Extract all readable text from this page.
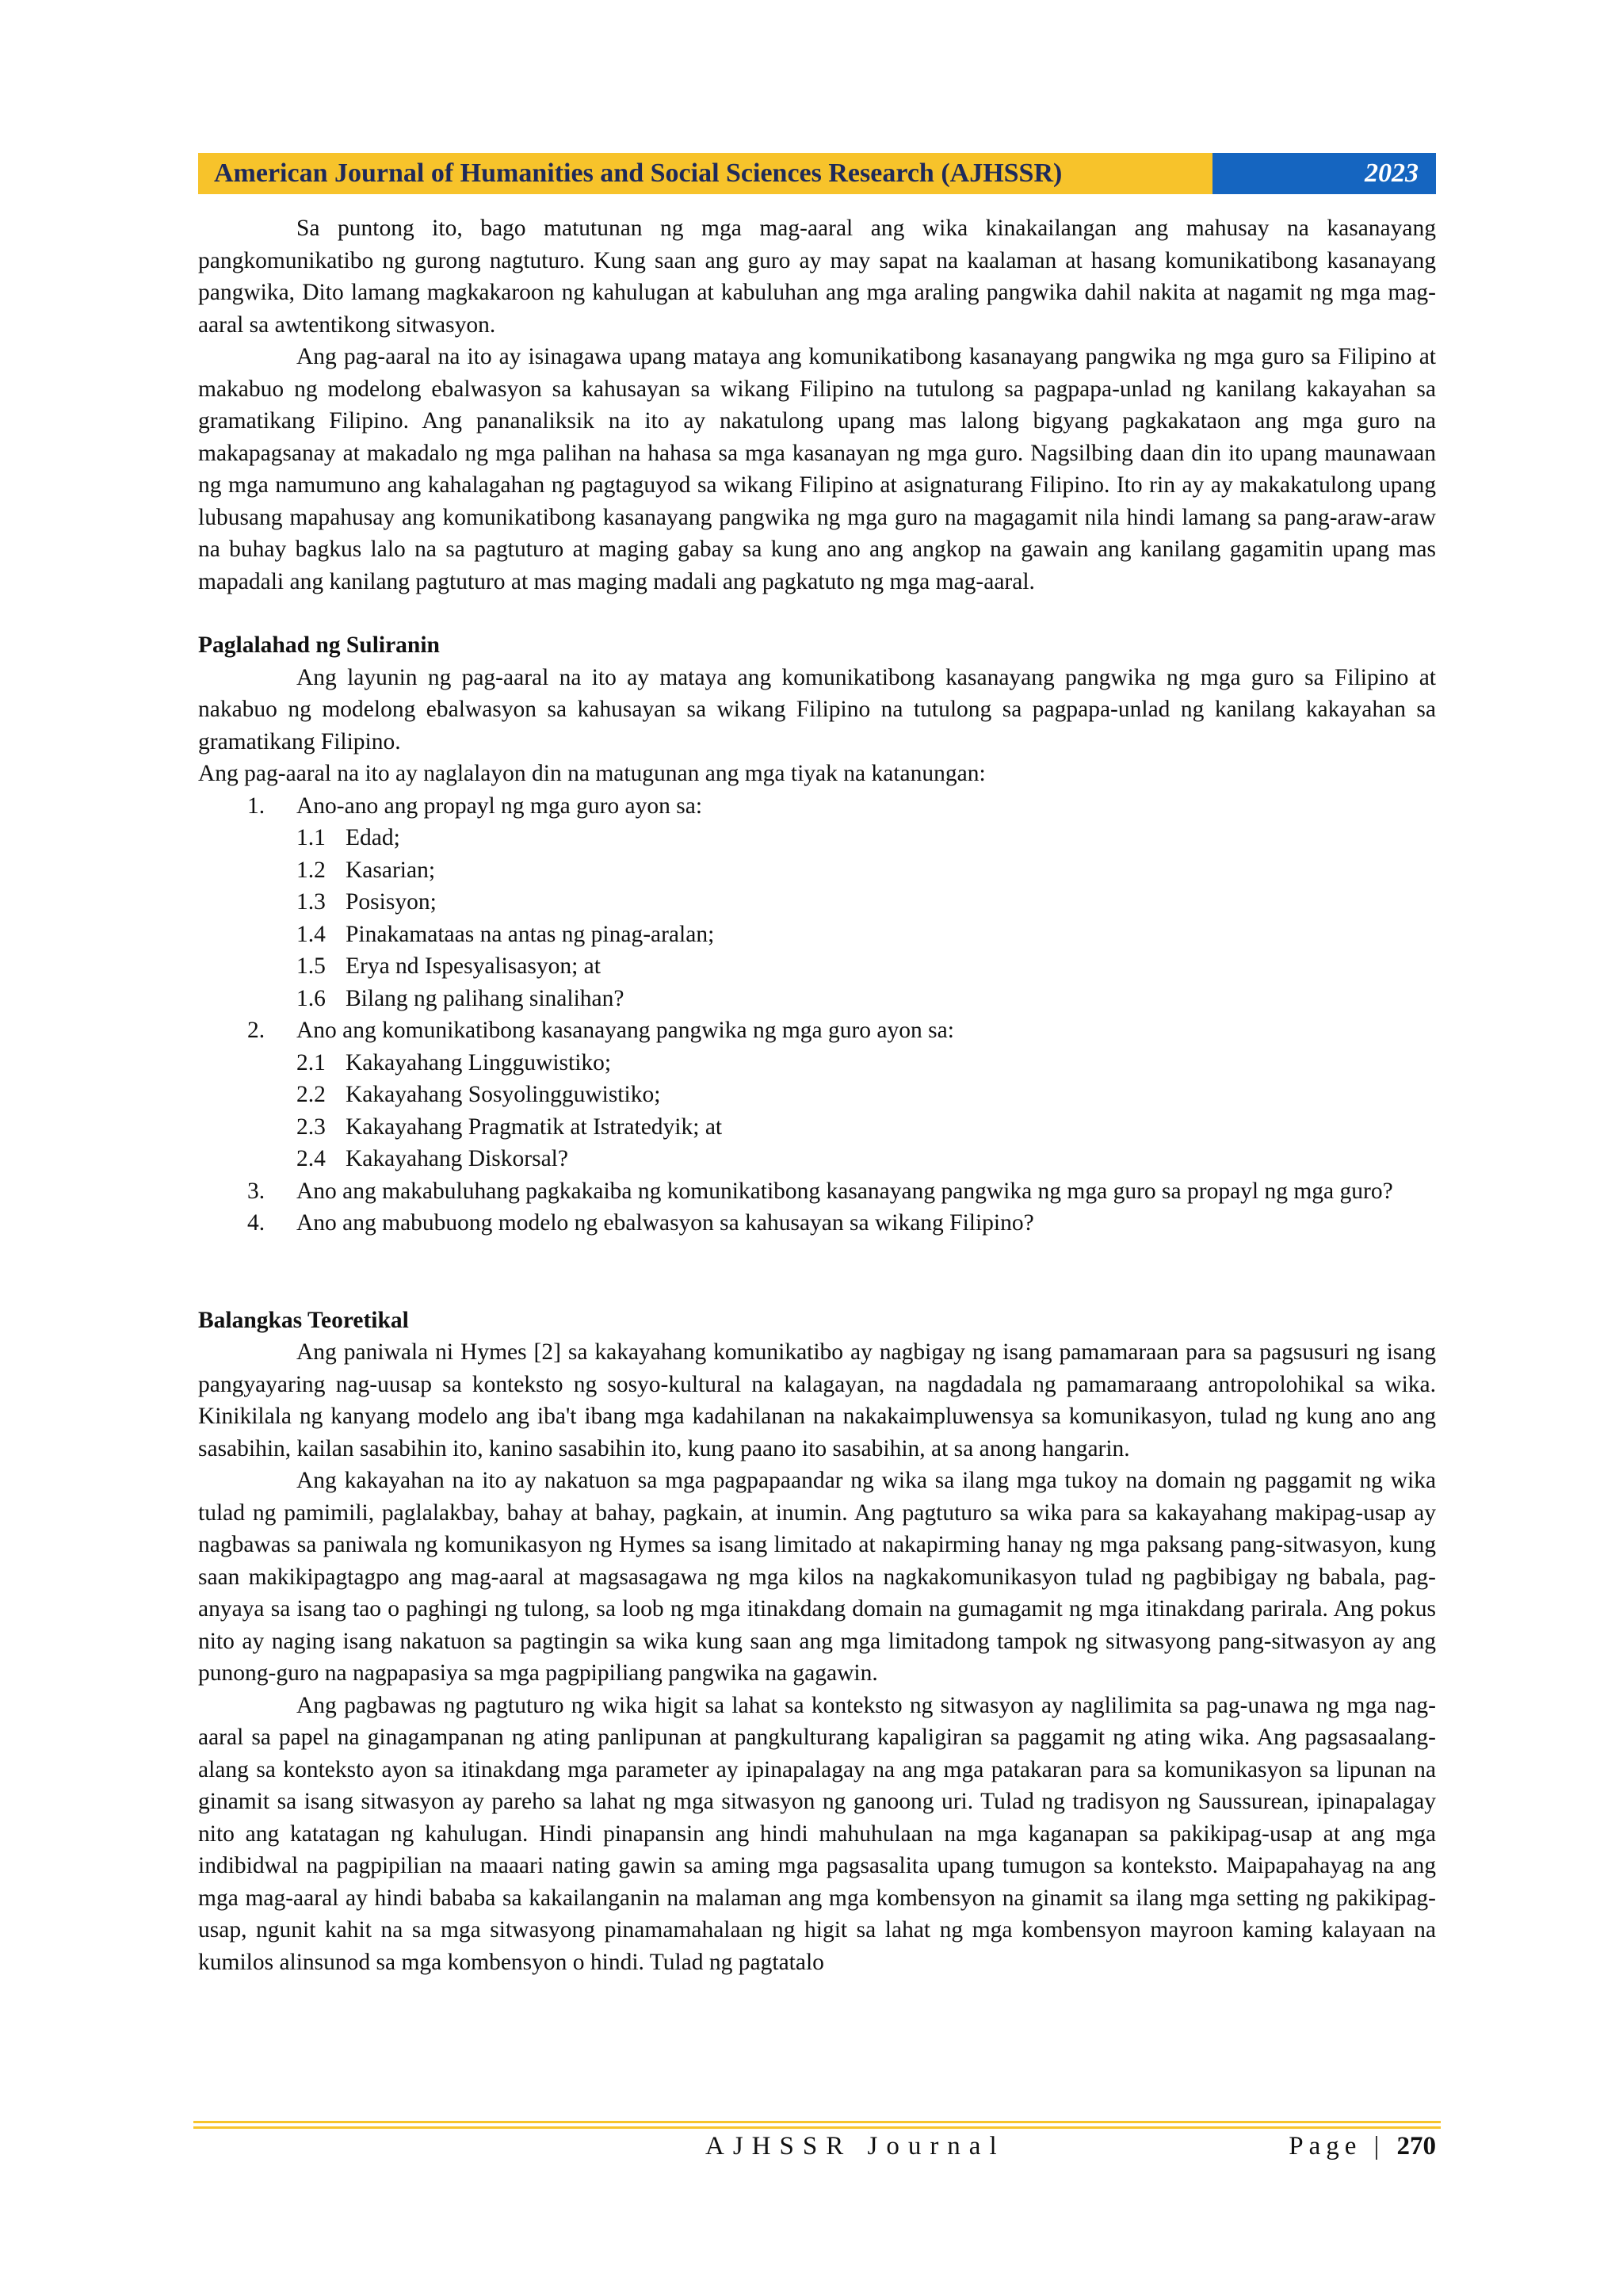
American Journal of Humanities and Social Sciences Research (AJHSSR)	2023

Sa puntong ito, bago matutunan ng mga mag-aaral ang wika kinakailangan ang mahusay na kasanayang pangkomunikatibo ng gurong nagtuturo. Kung saan ang guro ay may sapat na kaalaman at hasang komunikatibong kasanayang pangwika, Dito lamang magkakaroon ng kahulugan at kabuluhan ang mga araling pangwika dahil nakita at nagamit ng mga mag-aaral sa awtentikong sitwasyon.

Ang pag-aaral na ito ay isinagawa upang mataya ang komunikatibong kasanayang pangwika ng mga guro sa Filipino at makabuo ng modelong ebalwasyon sa kahusayan sa wikang Filipino na tutulong sa pagpapa-unlad ng kanilang kakayahan sa gramatikang Filipino. Ang pananaliksik na ito ay nakatulong upang mas lalong bigyang pagkakataon ang mga guro na makapagsanay at makadalo ng mga palihan na hahasa sa mga kasanayan ng mga guro. Nagsilbing daan din ito upang maunawaan ng mga namumuno ang kahalagahan ng pagtaguyod sa wikang Filipino at asignaturang Filipino. Ito rin ay ay makakatulong upang lubusang mapahusay ang komunikatibong kasanayang pangwika ng mga guro na magagamit nila hindi lamang sa pang-araw-araw na buhay bagkus lalo na sa pagtuturo at maging gabay sa kung ano ang angkop na gawain ang kanilang gagamitin upang mas mapadali ang kanilang pagtuturo at mas maging madali ang pagkatuto ng mga mag-aaral.

Paglalahad ng Suliranin

Ang layunin ng pag-aaral na ito ay mataya ang komunikatibong kasanayang pangwika ng mga guro sa Filipino at nakabuo ng modelong ebalwasyon sa kahusayan sa wikang Filipino na tutulong sa pagpapa-unlad ng kanilang kakayahan sa gramatikang Filipino.

Ang pag-aaral na ito ay naglalayon din na matugunan ang mga tiyak na katanungan:

1. Ano-ano ang propayl ng mga guro ayon sa:
1.1 Edad;
1.2 Kasarian;
1.3 Posisyon;
1.4 Pinakamataas na antas ng pinag-aralan;
1.5 Erya nd Ispesyalisasyon; at
1.6 Bilang ng palihang sinalihan?
2. Ano ang komunikatibong kasanayang pangwika ng mga guro ayon sa:
2.1 Kakayahang Lingguwistiko;
2.2 Kakayahang Sosyolingguwistiko;
2.3 Kakayahang Pragmatik at Istratedyik; at
2.4 Kakayahang Diskorsal?
3. Ano ang makabuluhang pagkakaiba ng komunikatibong kasanayang pangwika ng mga guro sa propayl ng mga guro?
4. Ano ang mabubuong modelo ng ebalwasyon sa kahusayan sa wikang Filipino?

Balangkas Teoretikal

Ang paniwala ni Hymes [2] sa kakayahang komunikatibo ay nagbigay ng isang pamamaraan para sa pagsusuri ng isang pangyayaring nag-uusap sa konteksto ng sosyo-kultural na kalagayan, na nagdadala ng pamamaraang antropolohikal sa wika. Kinikilala ng kanyang modelo ang iba't ibang mga kadahilanan na nakakaimpluwensya sa komunikasyon, tulad ng kung ano ang sasabihin, kailan sasabihin ito, kanino sasabihin ito, kung paano ito sasabihin, at sa anong hangarin.

Ang kakayahan na ito ay nakatuon sa mga pagpapaandar ng wika sa ilang mga tukoy na domain ng paggamit ng wika tulad ng pamimili, paglalakbay, bahay at bahay, pagkain, at inumin. Ang pagtuturo sa wika para sa kakayahang makipag-usap ay nagbawas sa paniwala ng komunikasyon ng Hymes sa isang limitado at nakapirming hanay ng mga paksang pang-sitwasyon, kung saan makikipagtagpo ang mag-aaral at magsasagawa ng mga kilos na nagkakomunikasyon tulad ng pagbibigay ng babala, pag-anyaya sa isang tao o paghingi ng tulong, sa loob ng mga itinakdang domain na gumagamit ng mga itinakdang parirala. Ang pokus nito ay naging isang nakatuon sa pagtingin sa wika kung saan ang mga limitadong tampok ng sitwasyong pang-sitwasyon ay ang punong-guro na nagpapasiya sa mga pagpipiliang pangwika na gagawin.

Ang pagbawas ng pagtuturo ng wika higit sa lahat sa konteksto ng sitwasyon ay naglilimita sa pag-unawa ng mga nag-aaral sa papel na ginagampanan ng ating panlipunan at pangkulturang kapaligiran sa paggamit ng ating wika. Ang pagsasaalang-alang sa konteksto ayon sa itinakdang mga parameter ay ipinapalagay na ang mga patakaran para sa komunikasyon sa lipunan na ginamit sa isang sitwasyon ay pareho sa lahat ng mga sitwasyon ng ganoong uri. Tulad ng tradisyon ng Saussurean, ipinapalagay nito ang katatagan ng kahulugan. Hindi pinapansin ang hindi mahuhulaan na mga kaganapan sa pakikipag-usap at ang mga indibidwal na pagpipilian na maaari nating gawin sa aming mga pagsasalita upang tumugon sa konteksto. Maipapahayag na ang mga mag-aaral ay hindi bababa sa kakailanganin na malaman ang mga kombensyon na ginamit sa ilang mga setting ng pakikipag-usap, ngunit kahit na sa mga sitwasyong pinamamahalaan ng higit sa lahat ng mga kombensyon mayroon kaming kalayaan na kumilos alinsunod sa mga kombensyon o hindi. Tulad ng pagtatalo

AJHSSR Journal	Page | 270
